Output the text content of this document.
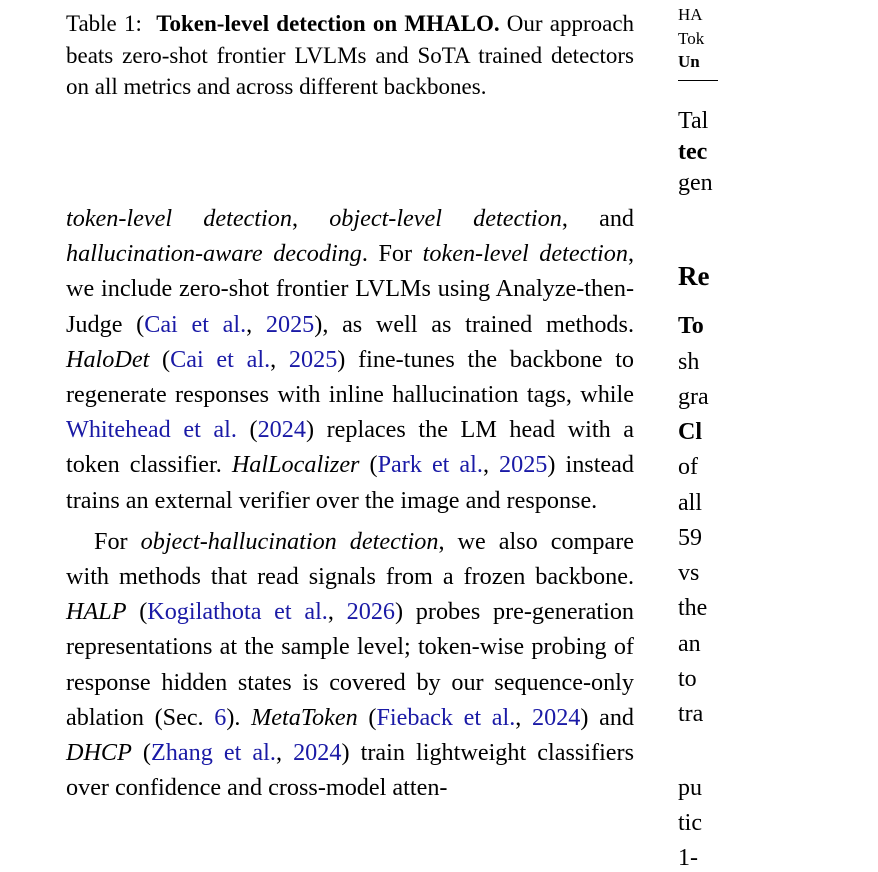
Table 1: Token-level detection on MHALO. Our approach beats zero-shot frontier LVLMs and SoTA trained detectors on all metrics and across different backbones.

token-level detection, object-level detection, and hallucination-aware decoding. For token-level detection, we include zero-shot frontier LVLMs using Analyze-then-Judge (Cai et al., 2025), as well as trained methods. HaloDet (Cai et al., 2025) fine-tunes the backbone to regenerate responses with inline hallucination tags, while Whitehead et al. (2024) replaces the LM head with a token classifier. HalLocalizer (Park et al., 2025) instead trains an external verifier over the image and response.

For object-hallucination detection, we also compare with methods that read signals from a frozen backbone. HALP (Kogilathota et al., 2026) probes pre-generation representations at the sample level; token-wise probing of response hidden states is covered by our sequence-only ablation (Sec. 6). MetaToken (Fieback et al., 2024) and DHCP (Zhang et al., 2024) train lightweight classifiers over confidence and cross-model atten-

HA
Tok
Un
Tal
tec
gen
Re
To
sh
gra
Cl
of
all
59
vs
the
an
to
tra
pu
tic
1-
